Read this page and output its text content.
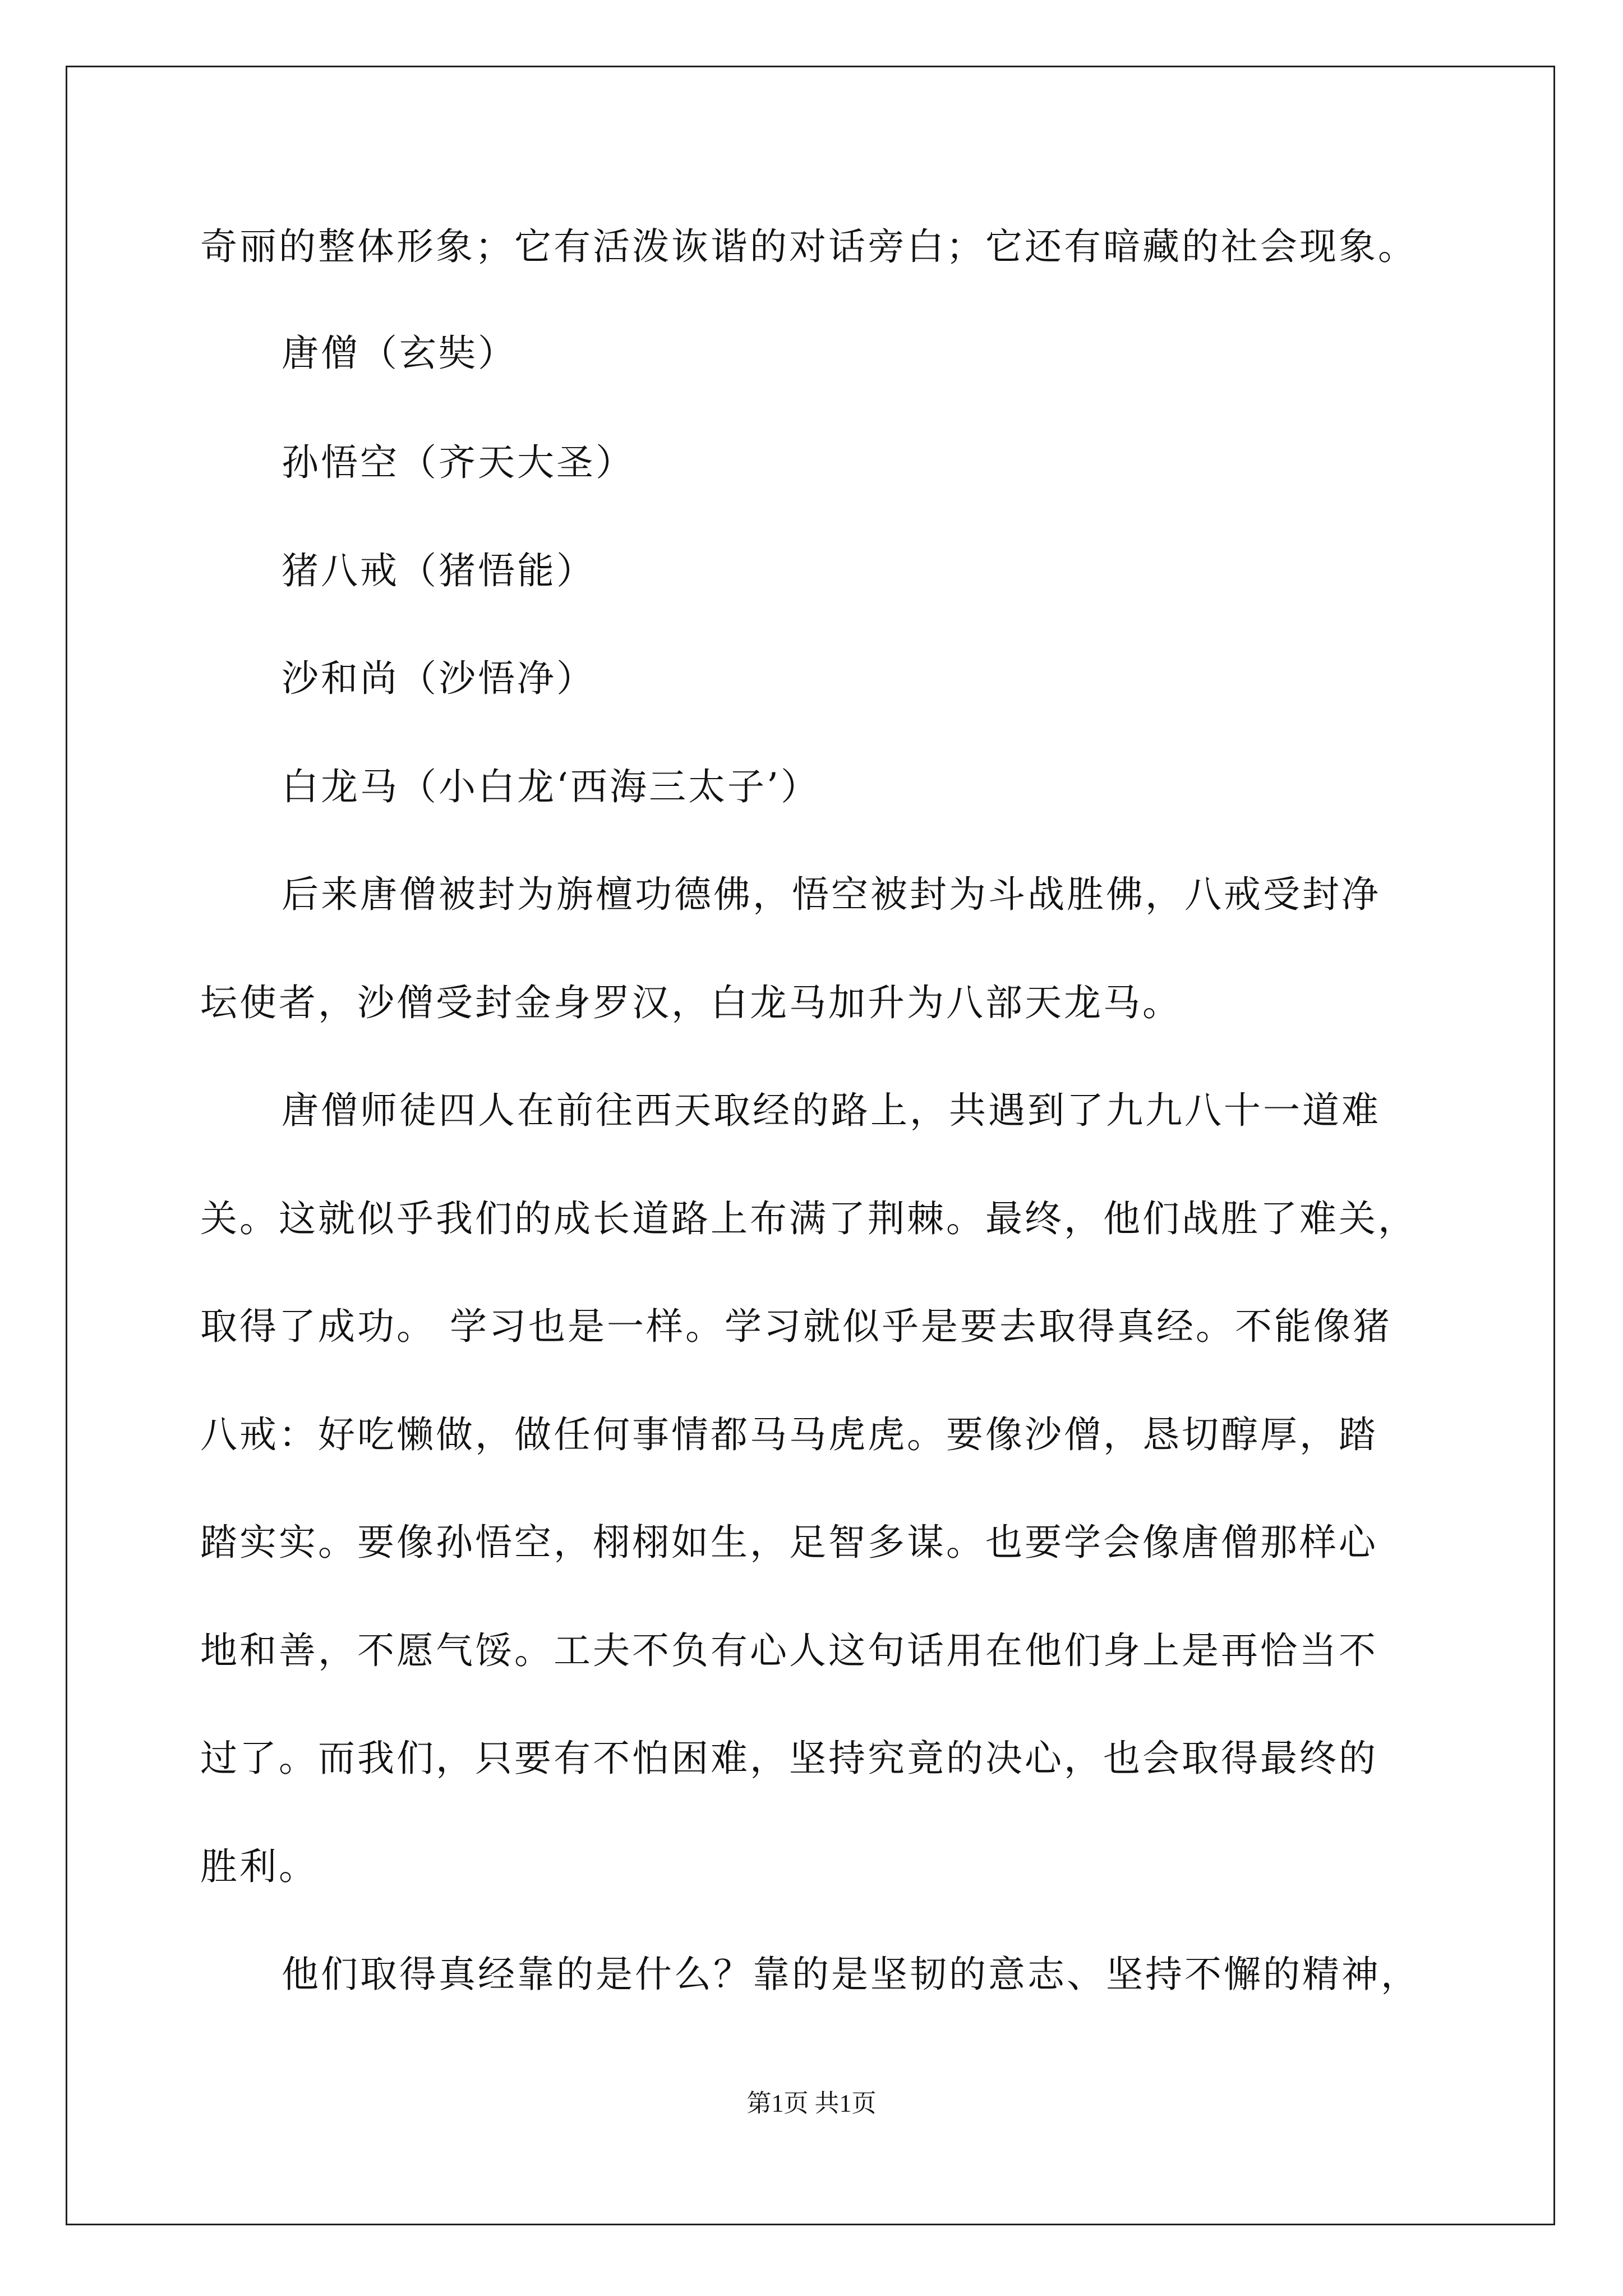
奇丽的整体形象；它有活泼诙谐的对话旁白；它还有暗藏的社会现象。
唐僧（玄奘）
孙悟空（齐天大圣）
猪八戒（猪悟能）
沙和尚（沙悟净）
白龙马（小白龙‘西海三太子’）
后来唐僧被封为旃檀功德佛，悟空被封为斗战胜佛，八戒受封净
坛使者，沙僧受封金身罗汉，白龙马加升为八部天龙马。
唐僧师徒四人在前往西天取经的路上，共遇到了九九八十一道难
关。这就似乎我们的成长道路上布满了荆棘。最终，他们战胜了难关，
取得了成功。 学习也是一样。学习就似乎是要去取得真经。不能像猪
八戒：好吃懒做，做任何事情都马马虎虎。要像沙僧，恳切醇厚，踏
踏实实。要像孙悟空，栩栩如生，足智多谋。也要学会像唐僧那样心
地和善，不愿气馁。工夫不负有心人这句话用在他们身上是再恰当不
过了。而我们，只要有不怕困难，坚持究竟的决心，也会取得最终的
胜利。
他们取得真经靠的是什么？靠的是坚韧的意志、坚持不懈的精神，
第1页 共1页
